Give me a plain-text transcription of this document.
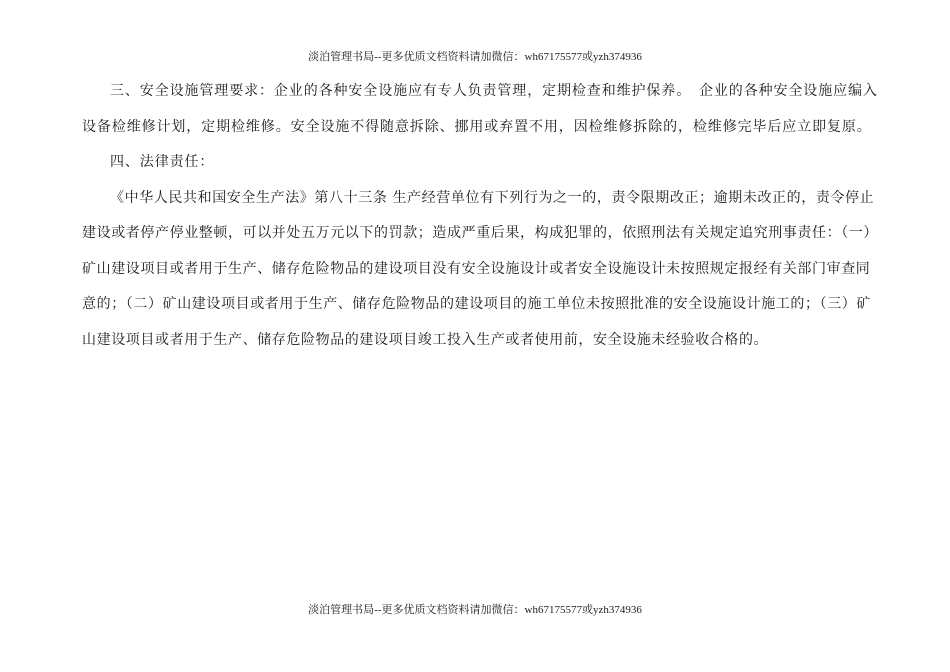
淡泊管理书局--更多优质文档资料请加微信：wh67175577或yzh374936

三、安全设施管理要求：企业的各种安全设施应有专人负责管理，定期检查和维护保养。　企业的各种安全设施应编入设备检维修计划，定期检维修。安全设施不得随意拆除、挪用或弃置不用，因检维修拆除的，检维修完毕后应立即复原。

四、法律责任：

《中华人民共和国安全生产法》第八十三条 生产经营单位有下列行为之一的，责令限期改正；逾期未改正的，责令停止建设或者停产停业整顿，可以并处五万元以下的罚款；造成严重后果，构成犯罪的，依照刑法有关规定追究刑事责任：（一）矿山建设项目或者用于生产、储存危险物品的建设项目没有安全设施设计或者安全设施设计未按照规定报经有关部门审查同意的；（二）矿山建设项目或者用于生产、储存危险物品的建设项目的施工单位未按照批准的安全设施设计施工的；（三）矿山建设项目或者用于生产、储存危险物品的建设项目竣工投入生产或者使用前，安全设施未经验收合格的。

淡泊管理书局--更多优质文档资料请加微信：wh67175577或yzh374936
